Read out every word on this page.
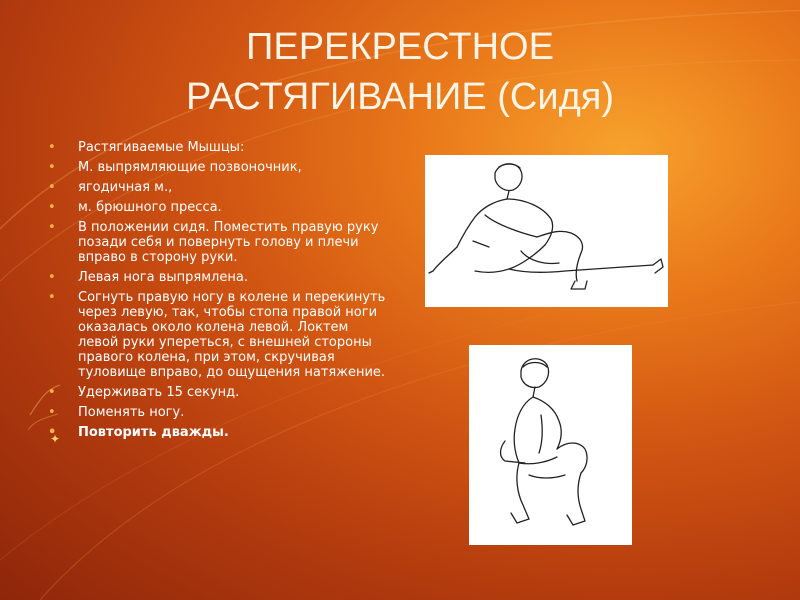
ПЕРЕКРЕСТНОЕ
РАСТЯГИВАНИЕ (Сидя)
• Растягиваемые Мышцы:
• М. выпрямляющие позвоночник,
• ягодичная м.,
• м. брюшного пресса.
• В положении сидя. Поместить правую руку позади себя и повернуть голову и плечи вправо в сторону руки.
• Левая нога выпрямлена.
• Согнуть правую ногу в колене и перекинуть через левую, так, чтобы стопа правой ноги оказалась около колена левой. Локтем левой руки упереться, с внешней стороны правого колена, при этом, скручивая туловище вправо, до ощущения натяжение.
• Удерживать 15 секунд.
• Поменять ногу.
• Повторить дважды.
✦
